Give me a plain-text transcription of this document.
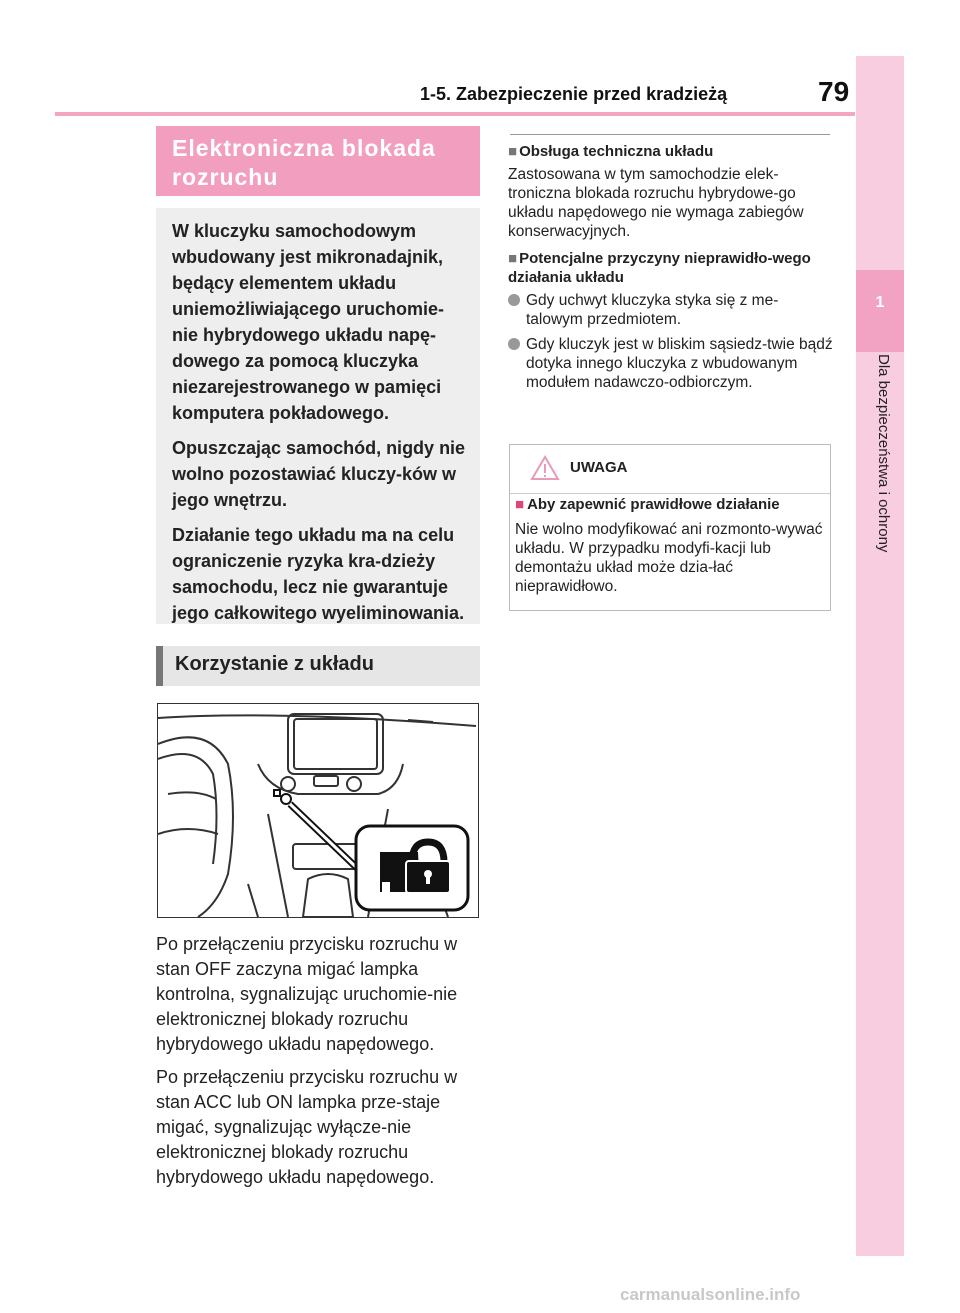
1-5. Zabezpieczenie przed kradzieżą	79
1
Dla bezpieczeństwa i ochrony
Elektroniczna blokada rozruchu

W kluczyku samochodowym wbudowany jest mikronadajnik, będący elementem układu uniemożliwiającego uruchomie-nie hybrydowego układu napę-dowego za pomocą kluczyka niezarejestrowanego w pamięci komputera pokładowego.

Opuszczając samochód, nigdy nie wolno pozostawiać kluczy-ków w jego wnętrzu.

Działanie tego układu ma na celu ograniczenie ryzyka kra-dzieży samochodu, lecz nie gwarantuje jego całkowitego wyeliminowania.

Korzystanie z układu

Po przełączeniu przycisku rozruchu w stan OFF zaczyna migać lampka kontrolna, sygnalizując uruchomie-nie elektronicznej blokady rozruchu hybrydowego układu napędowego.

Po przełączeniu przycisku rozruchu w stan ACC lub ON lampka prze-staje migać, sygnalizując wyłącze-nie elektronicznej blokady rozruchu hybrydowego układu napędowego.

■ Obsługa techniczna układu
Zastosowana w tym samochodzie elek-troniczna blokada rozruchu hybrydowe-go układu napędowego nie wymaga zabiegów konserwacyjnych.
■ Potencjalne przyczyny nieprawidło-wego działania układu
Gdy uchwyt kluczyka styka się z me-talowym przedmiotem.
Gdy kluczyk jest w bliskim sąsiedz-twie bądź dotyka innego kluczyka z wbudowanym modułem nadawczo-odbiorczym.
UWAGA
■ Aby zapewnić prawidłowe działanie
Nie wolno modyfikować ani rozmonto-wywać układu. W przypadku modyfi-kacji lub demontażu układ może dzia-łać nieprawidłowo.
carmanualsonline.info
